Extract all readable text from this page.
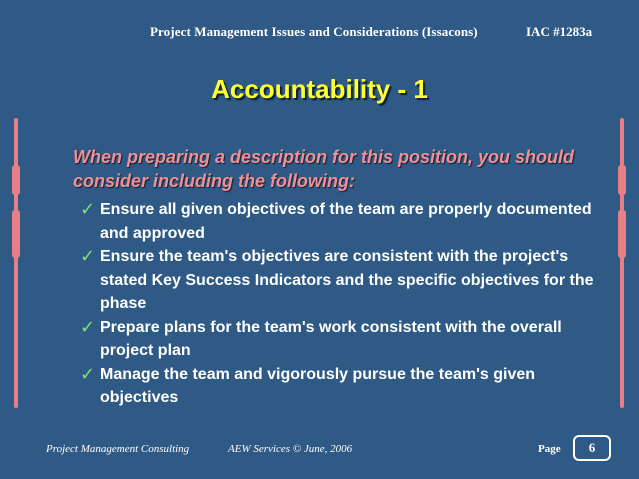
Project Management Issues and Considerations (Issacons)	IAC #1283a
Accountability - 1
When preparing a description for this position, you should consider including the following:
✓ Ensure all given objectives of the team are properly documented and approved
✓ Ensure the team's objectives are consistent with the project's stated Key Success Indicators and the specific objectives for the phase
✓ Prepare plans for the team's work consistent with the overall project plan
✓ Manage the team and vigorously pursue the team's given objectives
Project Management Consulting	AEW Services © June, 2006	Page	6
